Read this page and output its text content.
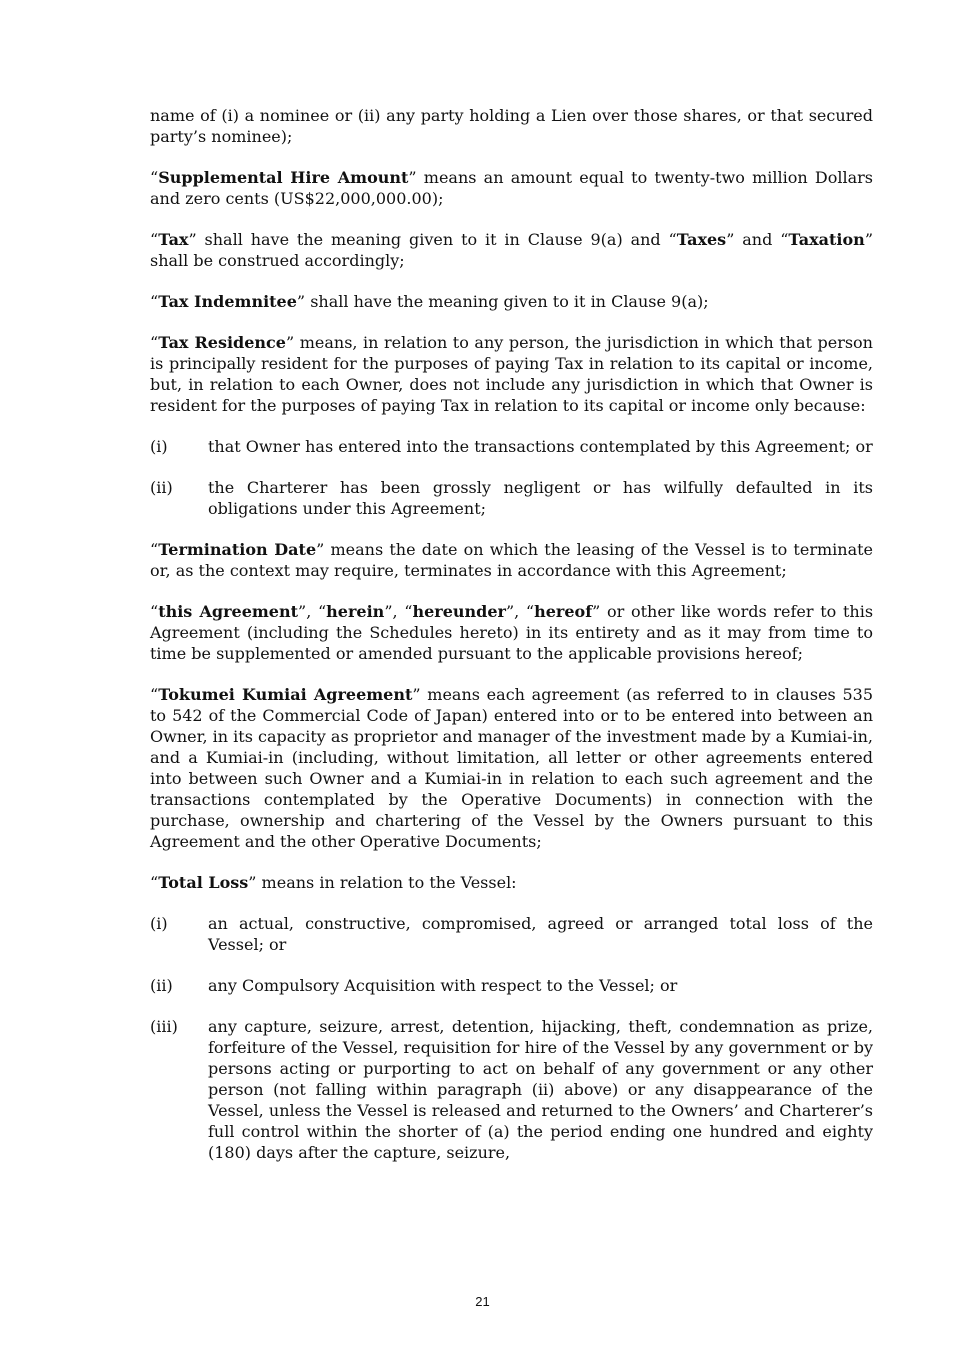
name of (i) a nominee or (ii) any party holding a Lien over those shares, or that secured party’s nominee);

“Supplemental Hire Amount” means an amount equal to twenty-two million Dollars and zero cents (US$22,000,000.00);

“Tax” shall have the meaning given to it in Clause 9(a) and “Taxes” and “Taxation” shall be construed accordingly;

“Tax Indemnitee” shall have the meaning given to it in Clause 9(a);

“Tax Residence” means, in relation to any person, the jurisdiction in which that person is principally resident for the purposes of paying Tax in relation to its capital or income, but, in relation to each Owner, does not include any jurisdiction in which that Owner is resident for the purposes of paying Tax in relation to its capital or income only because:

(i)	that Owner has entered into the transactions contemplated by this Agreement; or
(ii)	the Charterer has been grossly negligent or has wilfully defaulted in its obligations under this Agreement;

“Termination Date” means the date on which the leasing of the Vessel is to terminate or, as the context may require, terminates in accordance with this Agreement;

“this Agreement”, “herein”, “hereunder”, “hereof” or other like words refer to this Agreement (including the Schedules hereto) in its entirety and as it may from time to time be supplemented or amended pursuant to the applicable provisions hereof;

“Tokumei Kumiai Agreement” means each agreement (as referred to in clauses 535 to 542 of the Commercial Code of Japan) entered into or to be entered into between an Owner, in its capacity as proprietor and manager of the investment made by a Kumiai-in, and a Kumiai-in (including, without limitation, all letter or other agreements entered into between such Owner and a Kumiai-in in relation to each such agreement and the transactions contemplated by the Operative Documents) in connection with the purchase, ownership and chartering of the Vessel by the Owners pursuant to this Agreement and the other Operative Documents;

“Total Loss” means in relation to the Vessel:

(i)	an actual, constructive, compromised, agreed or arranged total loss of the Vessel; or
(ii)	any Compulsory Acquisition with respect to the Vessel; or
(iii)	any capture, seizure, arrest, detention, hijacking, theft, condemnation as prize, forfeiture of the Vessel, requisition for hire of the Vessel by any government or by persons acting or purporting to act on behalf of any government or any other person (not falling within paragraph (ii) above) or any disappearance of the Vessel, unless the Vessel is released and returned to the Owners’ and Charterer’s full control within the shorter of (a) the period ending one hundred and eighty (180) days after the capture, seizure,
21
